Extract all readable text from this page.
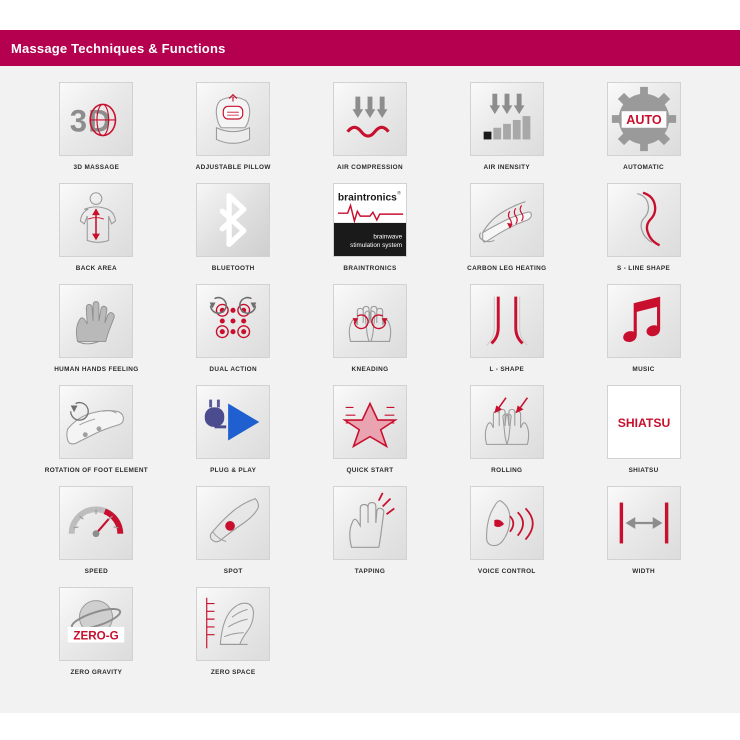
Massage Techniques & Functions
3 D
3D MASSAGE	ADJUSTABLE PILLOW	AIR COMPRESSION	AIR INENSITY
AUTO
AUTOMATIC
BACK AREA	BLUETOOTH
braintronics ®
brainwave
stimulation system
BRAINTRONICS	CARBON LEG HEATING	S - LINE SHAPE
HUMAN HANDS FEELING	DUAL ACTION	KNEADING	L - SHAPE	MUSIC
ROTATION OF FOOT ELEMENT	PLUG & PLAY	QUICK START	ROLLING
SHIATSU
SHIATSU
SPEED	SPOT	TAPPING	VOICE CONTROL	WIDTH
ZERO-G
ZERO GRAVITY	ZERO SPACE
